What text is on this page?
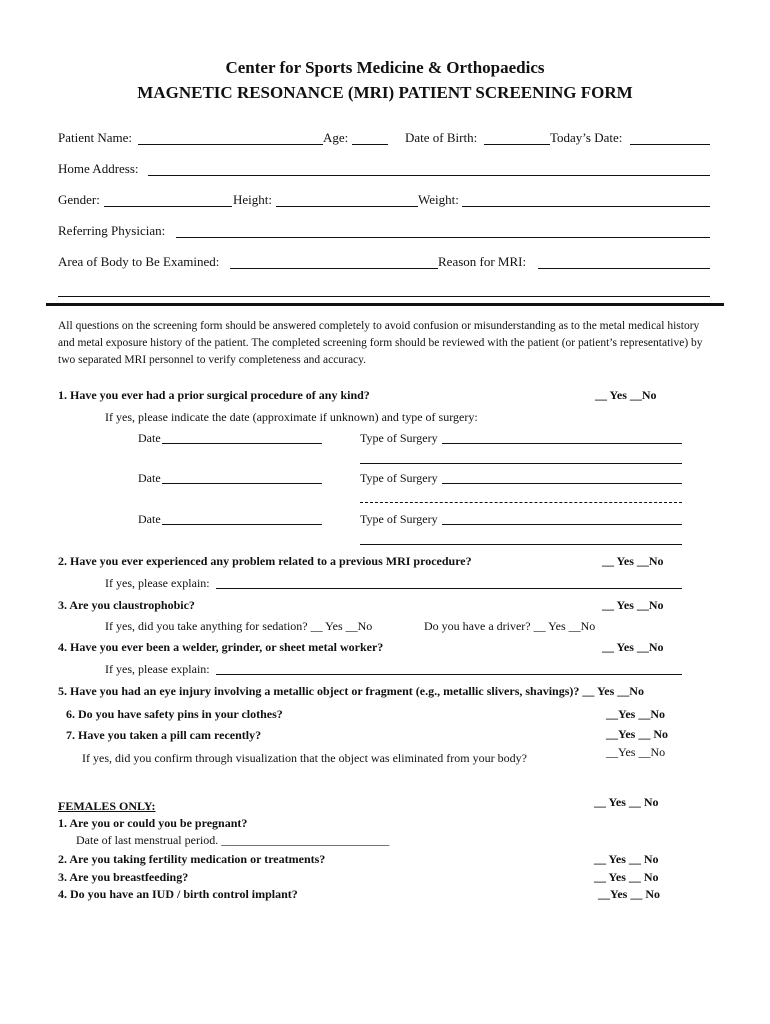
Center for Sports Medicine & Orthopaedics
MAGNETIC RESONANCE (MRI) PATIENT SCREENING FORM
Patient Name:	Age:	Date of Birth:	Today’s Date:
Home Address:
Gender:	Height:	Weight:
Referring Physician:
Area of Body to Be Examined:	Reason for MRI:
All questions on the screening form should be answered completely to avoid confusion or misunderstanding as to the metal medical history and metal exposure history of the patient. The completed screening form should be reviewed with the patient (or patient’s representative) by two separated MRI personnel to verify completeness and accuracy.
1. Have you ever had a prior surgical procedure of any kind?	__ Yes __No
If yes, please indicate the date (approximate if unknown) and type of surgery:
Date	Type of Surgery
Date	Type of Surgery
Date	Type of Surgery
2. Have you ever experienced any problem related to a previous MRI procedure?	__ Yes __No
If yes, please explain:
3. Are you claustrophobic?	__ Yes __No
If yes, did you take anything for sedation? __ Yes __No	Do you have a driver? __ Yes __No
4. Have you ever been a welder, grinder, or sheet metal worker?	__ Yes __No
If yes, please explain:
5. Have you had an eye injury involving a metallic object or fragment (e.g., metallic slivers, shavings)? __ Yes __No
6. Do you have safety pins in your clothes?	__Yes __No
7. Have you taken a pill cam recently?	__Yes __ No
If yes, did you confirm through visualization that the object was eliminated from your body?	__Yes __No
FEMALES ONLY:	__ Yes __ No
1. Are you or could you be pregnant?
Date of last menstrual period. ____________________________
2. Are you taking fertility medication or treatments?	__ Yes __ No
3. Are you breastfeeding?	__ Yes __ No
4. Do you have an IUD / birth control implant?	__Yes __ No
